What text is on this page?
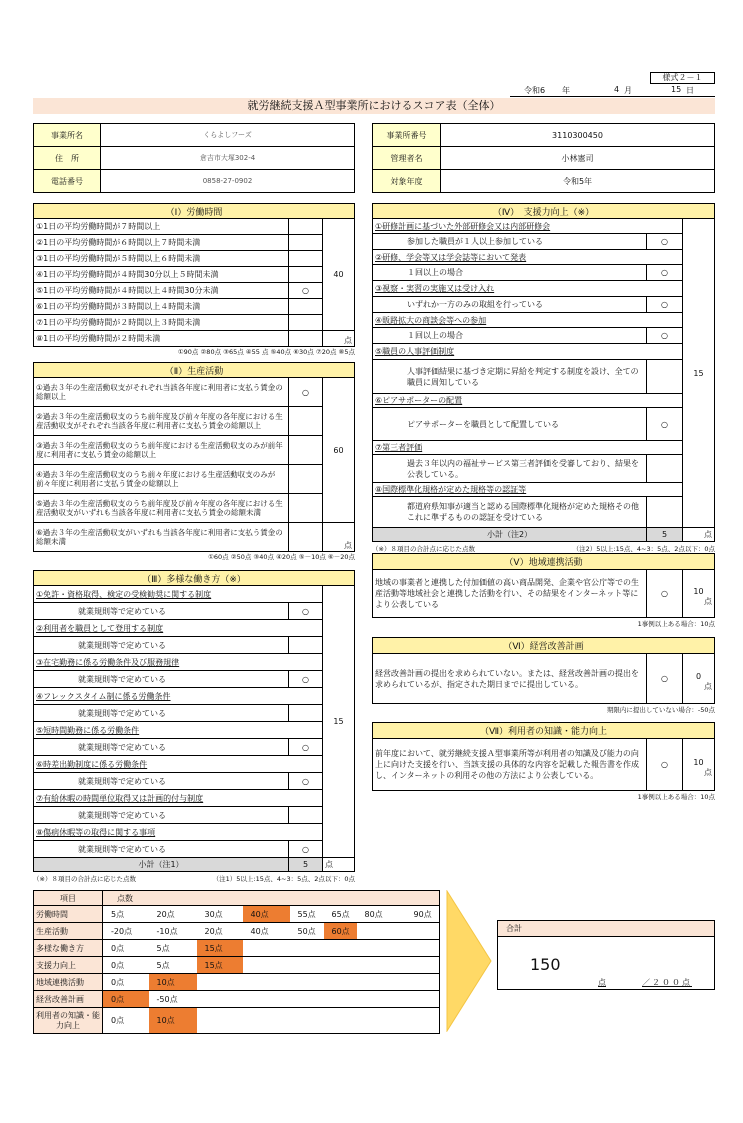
様式２－１
令和6 年	4 月	15 日
就労継続支援Ａ型事業所におけるスコア表（全体）
事業所名	くらよしフーズ
住　所	倉吉市大塚302-4
電話番号	0858-27-0902
事業所番号	3110300450
管理者名	小林憲司
対象年度	令和5年
（Ⅰ）労働時間		
①1日の平均労働時間が７時間以上		40
②1日の平均労働時間が６時間以上７時間未満		
③1日の平均労働時間が５時間以上６時間未満		
④1日の平均労働時間が４時間30分以上５時間未満		
⑤1日の平均労働時間が４時間以上４時間30分未満	○	
⑥1日の平均労働時間が３時間以上４時間未満		
⑦1日の平均労働時間が２時間以上３時間未満		
⑧1日の平均労働時間が２時間未満		点
①90点 ②80点 ③65点 ④55 点 ⑤40点 ⑥30点 ⑦20点 ⑧5点
（Ⅱ）生産活動		
①過去３年の生産活動収支がそれぞれ当該各年度に利用者に支払う賃金の総額以上	○	60
②過去３年の生産活動収支のうち前年度及び前々年度の各年度における生産活動収支がそれぞれ当該各年度に利用者に支払う賃金の総額以上		
③過去３年の生産活動収支のうち前年度における生産活動収支のみが前年度に利用者に支払う賃金の総額以上		
④過去３年の生産活動収支のうち前々年度における生産活動収支のみが前々年度に利用者に支払う賃金の総額以上		
⑤過去３年の生産活動収支のうち前年度及び前々年度の各年度における生産活動収支がいずれも当該各年度に利用者に支払う賃金の総額未満		
⑥過去３年の生産活動収支がいずれも当該各年度に利用者に支払う賃金の総額未満		点
①60点 ②50点 ③40点 ④20点 ⑤－10点 ⑥－20点
（Ⅲ）多様な働き方（※）		
①免許・資格取得、検定の受検勧奨に関する制度		15
就業規則等で定めている	○	
②利用者を職員として登用する制度		
就業規則等で定めている		
③在宅勤務に係る労働条件及び服務規律		
就業規則等で定めている	○	
④フレックスタイム制に係る労働条件		
就業規則等で定めている		
⑤短時間勤務に係る労働条件		
就業規則等で定めている	○	
⑥時差出勤制度に係る労働条件		
就業規則等で定めている	○	
⑦有給休暇の時間単位取得又は計画的付与制度		
就業規則等で定めている		
⑧傷病休暇等の取得に関する事項		
就業規則等で定めている	○	
小計（注1）	5	点
（※）８項目の合計点に応じた点数	（注1）5以上:15点、4~3：5点、2点以下：0点
（Ⅳ）　支援力向上（※）		
①研修計画に基づいた外部研修会又は内部研修会		15
参加した職員が１人以上参加している	○	
②研修、学会等又は学会誌等において発表		
１回以上の場合	○	
③視察・実習の実施又は受け入れ		
いずれか一方のみの取組を行っている	○	
④販路拡大の商談会等への参加		
１回以上の場合	○	
⑤職員の人事評価制度		
人事評価結果に基づき定期に昇給を判定する制度を設け、全ての職員に周知している		
⑥ピアサポーターの配置		
ピアサポーターを職員として配置している	○	
⑦第三者評価		
過去３年以内の福祉サービス第三者評価を受審しており、結果を公表している。		
⑧国際標準化規格が定めた規格等の認証等		
都道府県知事が適当と認める国際標準化規格が定めた規格その他これに準ずるものの認証を受けている		
小計（注2）	5	点
（※）８項目の合計点に応じた点数	（注2）5以上:15点、4~3：5点、2点以下：0点
（Ⅴ）地域連携活動
地域の事業者と連携した付加価値の高い商品開発、企業や官公庁等での生産活動等地域社会と連携した活動を行い、その結果をインターネット等により公表している	○	10
点
1事例以上ある場合：10点
（Ⅵ）経営改善計画
経営改善計画の提出を求められていない。または、経営改善計画の提出を求められているが、指定された期日までに提出している。	○	0
点
期限内に提出していない場合：-50点
（Ⅶ）利用者の知識・能力向上
前年度において、就労継続支援Ａ型事業所等が利用者の知識及び能力の向上に向けた支援を行い、当該支援の具体的な内容を記載した報告書を作成し、インターネットの利用その他の方法により公表している。	○	10
点
1事例以上ある場合：10点
項目	点数							
労働時間	5点	20点	30点	40点	55点	65点	80点	90点
生産活動	-20点	-10点	20点	40点	50点	60点		
多様な働き方	0点	5点	15点					
支援力向上	0点	5点	15点					
地域連携活動	0点	10点						
経営改善計画	0点	-50点						
利用者の知識・能力向上	0点	10点						
合計
150
点	／２００点
